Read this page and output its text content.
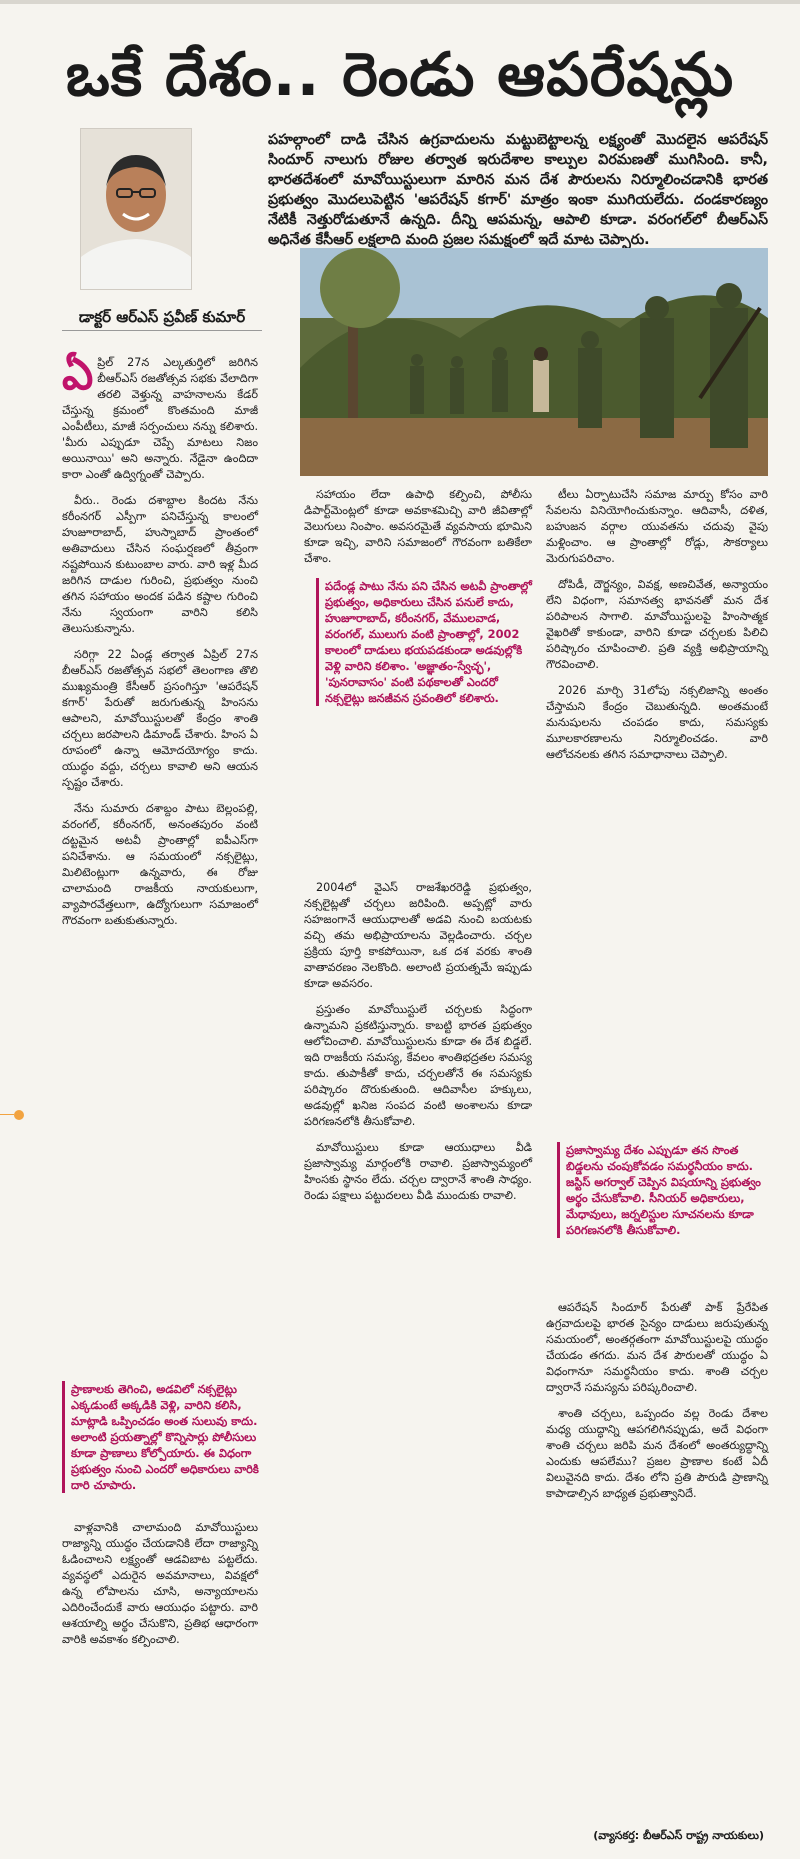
ఒకే దేశం.. రెండు ఆపరేషన్లు
డాక్టర్ ఆర్ఎస్ ప్రవీణ్ కుమార్
పహల్గాంలో దాడి చేసిన ఉగ్రవాదులను మట్టుబెట్టాలన్న లక్ష్యంతో మొదలైన ఆపరేషన్ సిందూర్ నాలుగు రోజుల తర్వాత ఇరుదేశాల కాల్పుల విరమణతో ముగిసింది. కానీ, భారతదేశంలో మావోయిస్టులుగా మారిన మన దేశ పౌరులను నిర్మూలించడానికి భారత ప్రభుత్వం మొదలుపెట్టిన 'ఆపరేషన్ కగార్' మాత్రం ఇంకా ముగియలేదు. దండకారణ్యం నేటికీ నెత్తురోడుతూనే ఉన్నది. దీన్ని ఆపమన్న, ఆపాలి కూడా. వరంగల్‌లో బీఆర్ఎస్ అధినేత కేసీఆర్ లక్షలాది మంది ప్రజల సమక్షంలో ఇదే మాట చెప్పారు.

ఏప్రిల్ 27న ఎల్కతుర్తిలో జరిగిన బీఆర్ఎస్ రజతోత్సవ సభకు వేలాదిగా తరలి వెళ్తున్న వాహనాలను కేడర్ చేస్తున్న క్రమంలో కొంతమంది మాజీ ఎంపీటీలు, మాజీ సర్పంచులు నన్ను కలిశారు. 'మీరు ఎప్పుడూ చెప్పే మాటలు నిజం అయినాయి' అని అన్నారు. నేడైనా ఉందిదా కారా ఎంతో ఉద్విగ్నంతో చెప్పారు.

వీరు.. రెండు దశాబ్దాల కిందట నేను కరీంనగర్ ఎస్పీగా పనిచేస్తున్న కాలంలో హుజూరాబాద్, హుస్నాబాద్ ప్రాంతంలో అతివాదులు చేసిన సంఘర్షణలో తీవ్రంగా నష్టపోయిన కుటుంబాల వారు. వారి ఇళ్ల మీద జరిగిన దాడుల గురించి, ప్రభుత్వం నుంచి తగిన సహాయం అందక పడిన కష్టాల గురించి నేను స్వయంగా వారిని కలిసి తెలుసుకున్నాను.

సరిగ్గా 22 ఏండ్ల తర్వాత ఏప్రిల్ 27న బీఆర్ఎస్ రజతోత్సవ సభలో తెలంగాణ తొలి ముఖ్యమంత్రి కేసీఆర్ ప్రసంగిస్తూ 'ఆపరేషన్ కగార్' పేరుతో జరుగుతున్న హింసను ఆపాలని, మావోయిస్టులతో కేంద్రం శాంతి చర్చలు జరపాలని డిమాండ్ చేశారు. హింస ఏ రూపంలో ఉన్నా ఆమోదయోగ్యం కాదు. యుద్ధం వద్దు, చర్చలు కావాలి అని ఆయన స్పష్టం చేశారు.

నేను సుమారు దశాబ్దం పాటు బెల్లంపల్లి, వరంగల్, కరీంనగర్, అనంతపురం వంటి దట్టమైన అటవీ ప్రాంతాల్లో ఐపీఎస్‌గా పనిచేశాను. ఆ సమయంలో నక్సలైట్లు, మిలిటెంట్లుగా ఉన్నవారు, ఈ రోజు చాలామంది రాజకీయ నాయకులుగా, వ్యాపారవేత్తలుగా, ఉద్యోగులుగా సమాజంలో గౌరవంగా బతుకుతున్నారు.

ప్రాణాలకు తెగించి, అడవిలో నక్సలైట్లు ఎక్కడుంటే అక్కడికి వెళ్లి, వారిని కలిసి, మాట్లాడి ఒప్పించడం అంత సులువు కాదు. అలాంటి ప్రయత్నాల్లో కొన్నిసార్లు పోలీసులు కూడా ప్రాణాలు కోల్పోయారు. ఈ విధంగా ప్రభుత్వం నుంచి ఎందరో అధికారులు వారికి దారి చూపారు.

వాళ్లవానికి చాలామంది మావోయిస్టులు రాజ్యాన్ని యుద్ధం చేయడానికి లేదా రాజ్యాన్ని ఓడించాలని లక్ష్యంతో ఆడవిబాట పట్టలేదు. వ్యవస్థలో ఎదురైన అవమానాలు, వివక్షలో ఉన్న లోపాలను చూసి, అన్యాయాలను ఎదిరించేందుకే వారు ఆయుధం పట్టారు. వారి ఆశయాల్ని అర్థం చేసుకొని, ప్రతిభ ఆధారంగా వారికి అవకాశం కల్పించాలి.

సహాయం లేదా ఉపాధి కల్పించి, పోలీసు డిపార్ట్‌మెంట్లలో కూడా అవకాశమిచ్చి వారి జీవితాల్లో వెలుగులు నింపాం. అవసరమైతే వ్యవసాయ భూమిని కూడా ఇచ్చి, వారిని సమాజంలో గౌరవంగా బతికేలా చేశాం.

పదేండ్ల పాటు నేను పని చేసిన అటవీ ప్రాంతాల్లో ప్రభుత్వం, అధికారులు చేసిన పనులే కాదు, హుజూరాబాద్, కరీంనగర్, వేములవాడ, వరంగల్, ములుగు వంటి ప్రాంతాల్లో, 2002 కాలంలో దాడులు భయపడకుండా అడవుల్లోకి వెళ్లి వారిని కలిశాం. 'అజ్ఞాతం-స్వేచ్ఛ', 'పునరావాసం' వంటి పథకాలతో ఎందరో నక్సలైట్లు జనజీవన స్రవంతిలో కలిశారు.

2004లో వైఎస్ రాజశేఖరరెడ్డి ప్రభుత్వం, నక్సలైట్లతో చర్చలు జరిపింది. అప్పట్లో వారు సహజంగానే ఆయుధాలతో అడవి నుంచి బయటకు వచ్చి తమ అభిప్రాయాలను వెల్లడించారు. చర్చల ప్రక్రియ పూర్తి కాకపోయినా, ఒక దశ వరకు శాంతి వాతావరణం నెలకొంది. అలాంటి ప్రయత్నమే ఇప్పుడు కూడా అవసరం.

ప్రస్తుతం మావోయిస్టులే చర్చలకు సిద్ధంగా ఉన్నామని ప్రకటిస్తున్నారు. కాబట్టి భారత ప్రభుత్వం ఆలోచించాలి. మావోయిస్టులను కూడా ఈ దేశ బిడ్డలే. ఇది రాజకీయ సమస్య, కేవలం శాంతిభద్రతల సమస్య కాదు. తుపాకీతో కాదు, చర్చలతోనే ఈ సమస్యకు పరిష్కారం దొరుకుతుంది. ఆదివాసీల హక్కులు, అడవుల్లో ఖనిజ సంపద వంటి అంశాలను కూడా పరిగణనలోకి తీసుకోవాలి.

మావోయిస్టులు కూడా ఆయుధాలు వీడి ప్రజాస్వామ్య మార్గంలోకి రావాలి. ప్రజాస్వామ్యంలో హింసకు స్థానం లేదు. చర్చల ద్వారానే శాంతి సాధ్యం. రెండు పక్షాలు పట్టుదలలు వీడి ముందుకు రావాలి.

టీలు ఏర్పాటుచేసి సమాజ మార్పు కోసం వారి సేవలను వినియోగించుకున్నాం. ఆదివాసీ, దళిత, బహుజన వర్గాల యువతను చదువు వైపు మళ్లించాం. ఆ ప్రాంతాల్లో రోడ్లు, సౌకర్యాలు మెరుగుపరిచాం.

దోపిడీ, దౌర్జన్యం, వివక్ష, అణచివేత, అన్యాయం లేని విధంగా, సమానత్వ భావనతో మన దేశ పరిపాలన సాగాలి. మావోయిస్టులపై హింసాత్మక వైఖరితో కాకుండా, వారిని కూడా చర్చలకు పిలిచి పరిష్కారం చూపించాలి. ప్రతి వ్యక్తి అభిప్రాయాన్ని గౌరవించాలి.

2026 మార్చి 31లోపు నక్సలిజాన్ని అంతం చేస్తామని కేంద్రం చెబుతున్నది. అంతమంటే మనుషులను చంపడం కాదు, సమస్యకు మూలకారణాలను నిర్మూలించడం. వారి ఆలోచనలకు తగిన సమాధానాలు చెప్పాలి.

ప్రజాస్వామ్య దేశం ఎప్పుడూ తన సొంత బిడ్డలను చంపుకోవడం సమర్థనీయం కాదు. జస్టిస్ అగర్వాల్ చెప్పిన విషయాన్ని ప్రభుత్వం అర్థం చేసుకోవాలి. సీనియర్ అధికారులు, మేధావులు, జర్నలిస్టుల సూచనలను కూడా పరిగణనలోకి తీసుకోవాలి.

ఆపరేషన్ సిందూర్ పేరుతో పాక్ ప్రేరేపిత ఉగ్రవాదులపై భారత సైన్యం దాడులు జరుపుతున్న సమయంలో, అంతర్గతంగా మావోయిస్టులపై యుద్ధం చేయడం తగదు. మన దేశ పౌరులతో యుద్ధం ఏ విధంగానూ సమర్థనీయం కాదు. శాంతి చర్చల ద్వారానే సమస్యను పరిష్కరించాలి.

శాంతి చర్చలు, ఒప్పందం వల్ల రెండు దేశాల మధ్య యుద్ధాన్ని ఆపగలిగినప్పుడు, అదే విధంగా శాంతి చర్చలు జరిపి మన దేశంలో అంతర్యుద్ధాన్ని ఎందుకు ఆపలేము? ప్రజల ప్రాణాల కంటే ఏదీ విలువైనది కాదు. దేశం లోని ప్రతి పౌరుడి ప్రాణాన్ని కాపాడాల్సిన బాధ్యత ప్రభుత్వానిదే.

(వ్యాసకర్త: బీఆర్ఎస్ రాష్ట్ర నాయకులు)
